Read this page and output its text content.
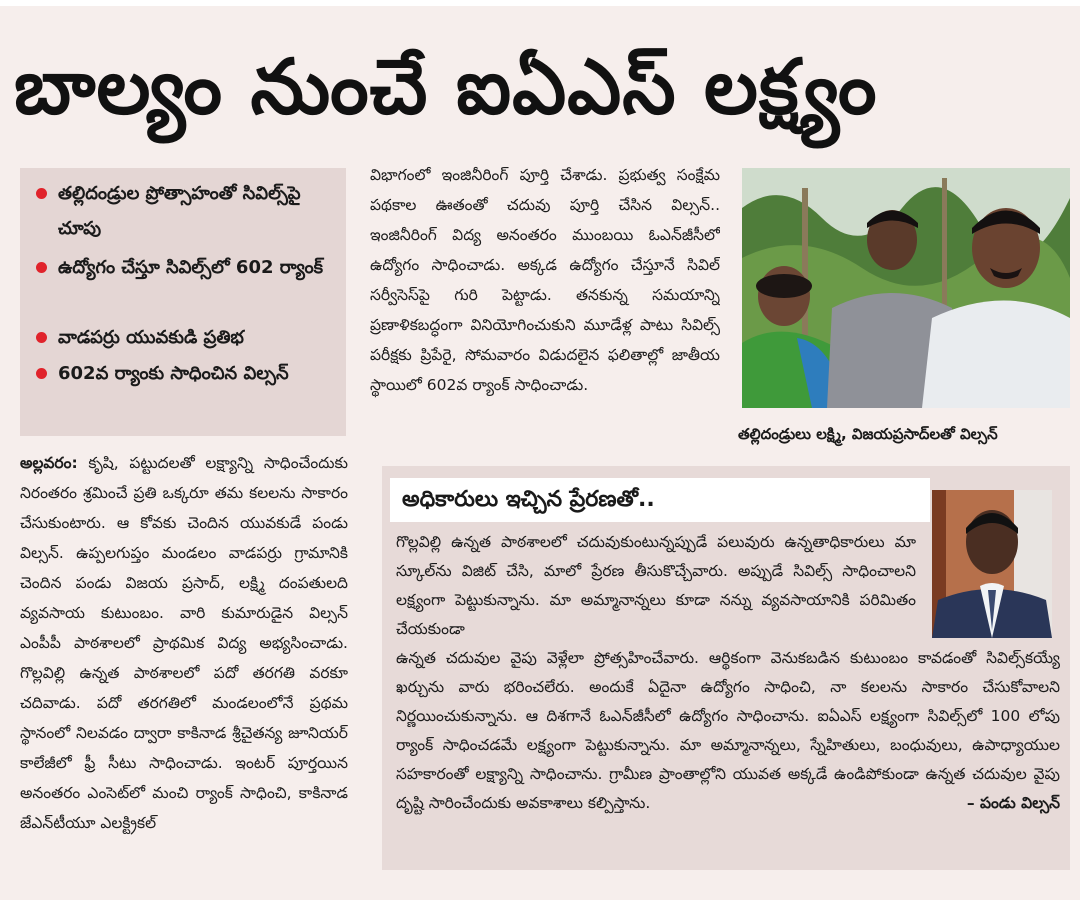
బాల్యం నుంచే ఐఏఎస్ లక్ష్యం
తల్లిదండ్రుల ప్రోత్సాహంతో సివిల్స్‌పై చూపు
ఉద్యోగం చేస్తూ సివిల్స్‌లో 602 ర్యాంక్
వాడపర్రు యువకుడి ప్రతిభ
602వ ర్యాంకు సాధించిన విల్సన్
అల్లవరం: కృషి, పట్టుదలతో లక్ష్యాన్ని సాధించేందుకు నిరంతరం శ్రమించే ప్రతి ఒక్కరూ తమ కలలను సాకారం చేసుకుంటారు. ఆ కోవకు చెందిన యువకుడే పండు విల్సన్. ఉప్పలగుప్తం మండలం వాడపర్రు గ్రామానికి చెందిన పండు విజయ ప్రసాద్, లక్ష్మి దంపతులది వ్యవసాయ కుటుంబం. వారి కుమారుడైన విల్సన్ ఎంపీపీ పాఠశాలలో ప్రాథమిక విద్య అభ్యసించాడు. గొల్లవిల్లి ఉన్నత పాఠశాలలో పదో తరగతి వరకూ చదివాడు. పదో తరగతిలో మండలంలోనే ప్రథమ స్థానంలో నిలవడం ద్వారా కాకినాడ శ్రీచైతన్య జూనియర్ కాలేజీలో ఫ్రీ సీటు సాధించాడు. ఇంటర్ పూర్తయిన అనంతరం ఎంసెట్‌లో మంచి ర్యాంక్ సాధించి, కాకినాడ జేఎన్‌టీయూ ఎలక్ట్రికల్
విభాగంలో ఇంజినీరింగ్ పూర్తి చేశాడు. ప్రభుత్వ సంక్షేమ పథకాల ఊతంతో చదువు పూర్తి చేసిన విల్సన్.. ఇంజినీరింగ్ విద్య అనంతరం ముంబయి ఓఎన్‌జీసీలో ఉద్యోగం సాధించాడు. అక్కడ ఉద్యోగం చేస్తూనే సివిల్ సర్వీసెస్‌పై గురి పెట్టాడు. తనకున్న సమయాన్ని ప్రణాళికబద్ధంగా వినియోగించుకుని మూడేళ్ల పాటు సివిల్స్ పరీక్షకు ప్రిపేరై, సోమవారం విడుదలైన ఫలితాల్లో జాతీయ స్థాయిలో 602వ ర్యాంక్ సాధించాడు.
తల్లిదండ్రులు లక్ష్మి, విజయప్రసాద్‌లతో విల్సన్
అధికారులు ఇచ్చిన ప్రేరణతో..
గొల్లవిల్లి ఉన్నత పాఠశాలలో చదువుకుంటున్నప్పుడే పలువురు ఉన్నతాధికారులు మా స్కూల్‌ను విజిట్ చేసి, మాలో ప్రేరణ తీసుకొచ్చేవారు. అప్పుడే సివిల్స్ సాధించాలని లక్ష్యంగా పెట్టుకున్నాను. మా అమ్మానాన్నలు కూడా నన్ను వ్యవసాయానికి పరిమితం చేయకుండా
ఉన్నత చదువుల వైపు వెళ్లేలా ప్రోత్సహించేవారు. ఆర్థికంగా వెనుకబడిన కుటుంబం కావడంతో సివిల్స్‌కయ్యే ఖర్చును వారు భరించలేరు. అందుకే ఏదైనా ఉద్యోగం సాధించి, నా కలలను సాకారం చేసుకోవాలని నిర్ణయించుకున్నాను. ఆ దిశగానే ఓఎన్‌జీసీలో ఉద్యోగం సాధించాను. ఐఏఎస్ లక్ష్యంగా సివిల్స్‌లో 100 లోపు ర్యాంక్ సాధించడమే లక్ష్యంగా పెట్టుకున్నాను. మా అమ్మానాన్నలు, స్నేహితులు, బంధువులు, ఉపాధ్యాయుల సహకారంతో లక్ష్యాన్ని సాధించాను. గ్రామీణ ప్రాంతాల్లోని యువత అక్కడే ఉండిపోకుండా ఉన్నత చదువుల వైపు దృష్టి సారించేందుకు అవకాశాలు కల్పిస్తాను.	– పండు విల్సన్
